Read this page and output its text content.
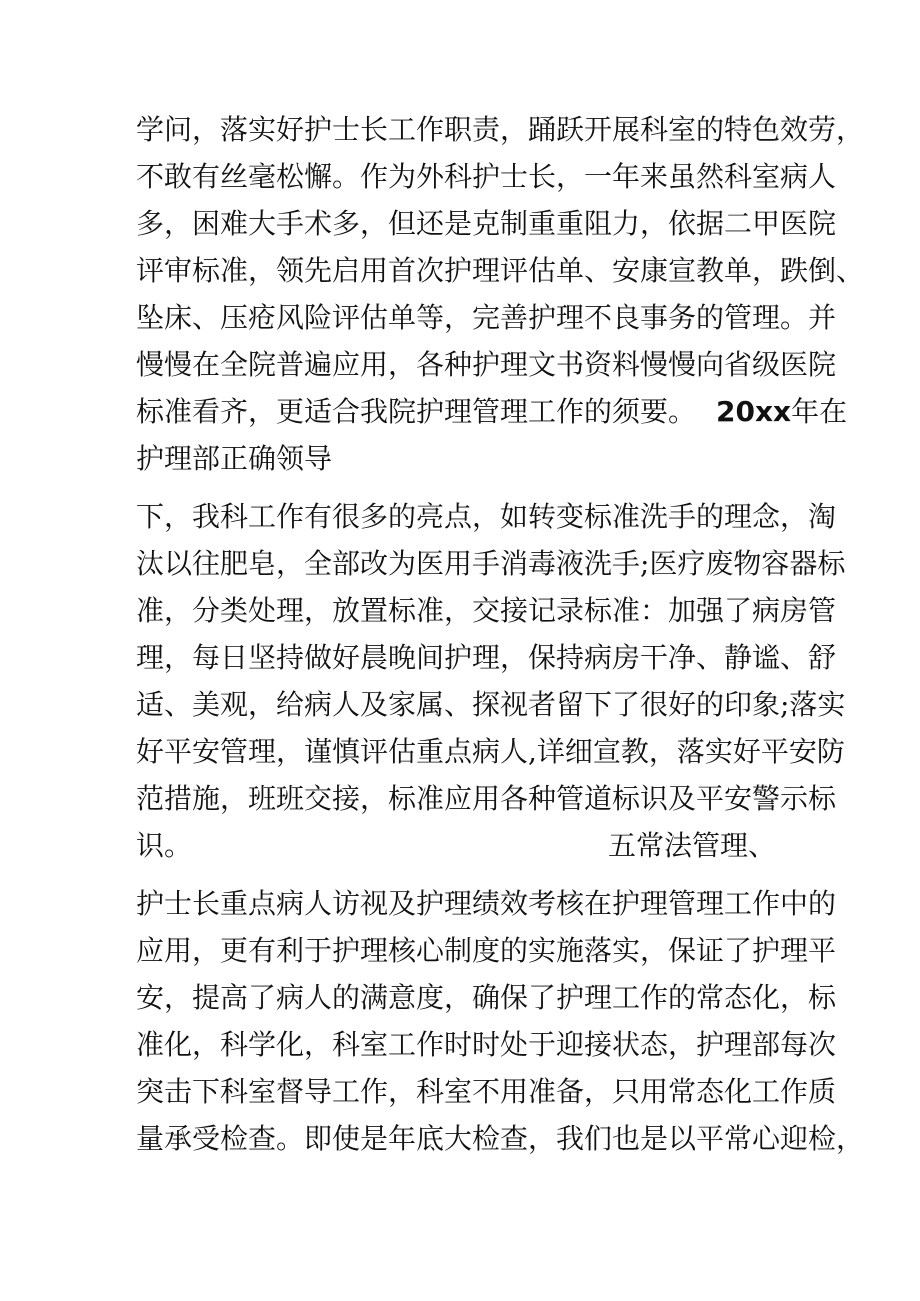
学问，落实好护士长工作职责，踊跃开展科室的特色效劳，
不敢有丝毫松懈。作为外科护士长，一年来虽然科室病人
多，困难大手术多，但还是克制重重阻力，依据二甲医院
评审标准，领先启用首次护理评估单、安康宣教单，跌倒、
坠床、压疮风险评估单等，完善护理不良事务的管理。并
慢慢在全院普遍应用，各种护理文书资料慢慢向省级医院
标准看齐，更适合我院护理管理工作的须要。 20xx年在
护理部正确领导
下，我科工作有很多的亮点，如转变标准洗手的理念，淘
汰以往肥皂，全部改为医用手消毒液洗手;医疗废物容器标
准，分类处理，放置标准，交接记录标准：加强了病房管
理，每日坚持做好晨晚间护理，保持病房干净、静谧、舒
适、美观，给病人及家属、探视者留下了很好的印象;落实
好平安管理，谨慎评估重点病人,详细宣教，落实好平安防
范措施，班班交接，标准应用各种管道标识及平安警示标
识。	五常法管理、
护士长重点病人访视及护理绩效考核在护理管理工作中的
应用，更有利于护理核心制度的实施落实，保证了护理平
安，提高了病人的满意度，确保了护理工作的常态化，标
准化，科学化，科室工作时时处于迎接状态，护理部每次
突击下科室督导工作，科室不用准备，只用常态化工作质
量承受检查。即使是年底大检查，我们也是以平常心迎检，
